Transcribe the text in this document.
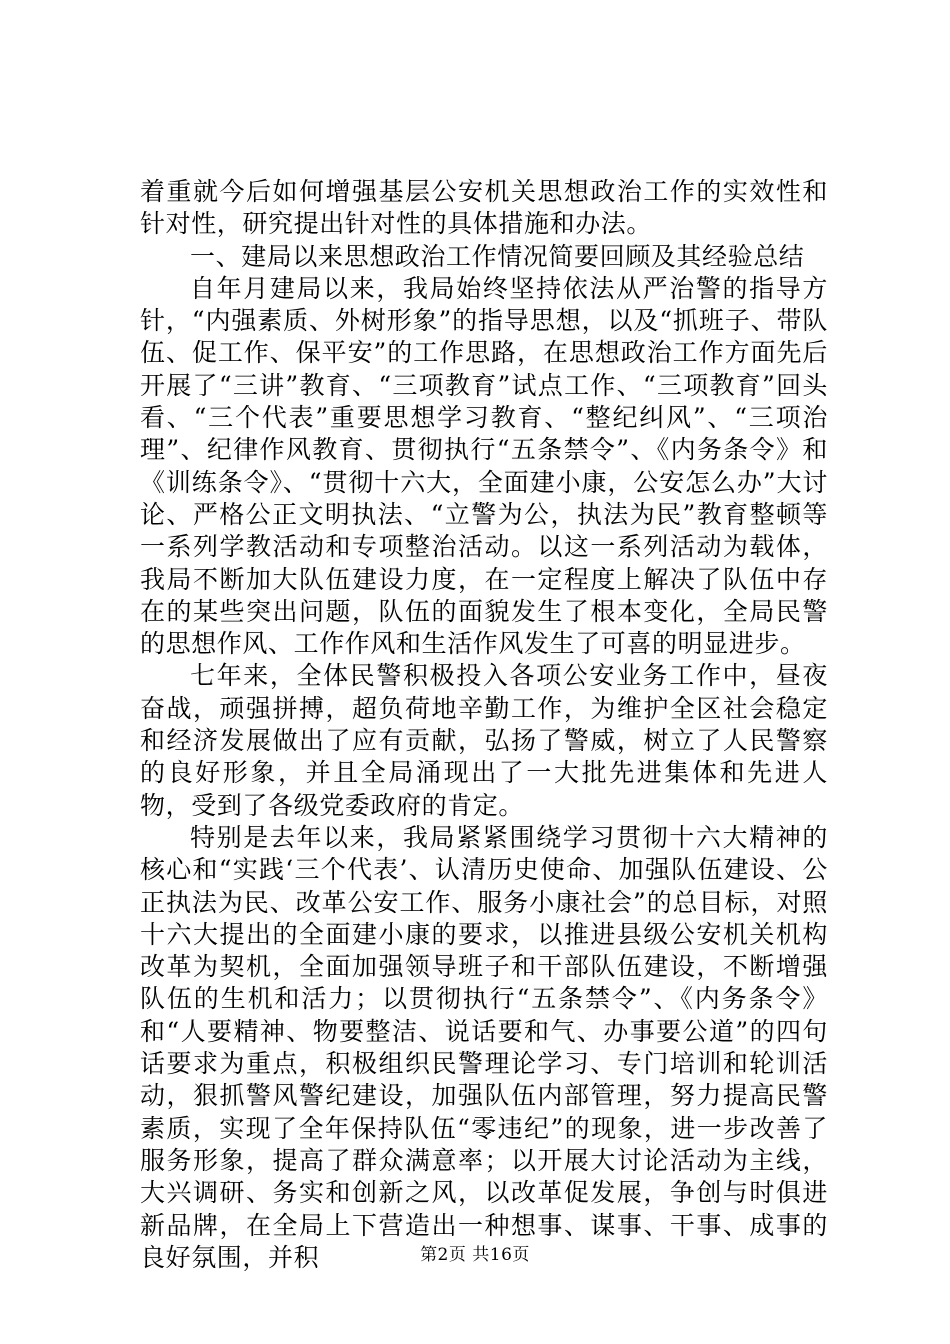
着重就今后如何增强基层公安机关思想政治工作的实效性和针对性，研究提出针对性的具体措施和办法。

一、建局以来思想政治工作情况简要回顾及其经验总结

自年月建局以来，我局始终坚持依法从严治警的指导方针，“内强素质、外树形象”的指导思想，以及“抓班子、带队伍、促工作、保平安”的工作思路，在思想政治工作方面先后开展了“三讲”教育、“三项教育”试点工作、“三项教育”回头看、“三个代表”重要思想学习教育、“整纪纠风”、“三项治理”、纪律作风教育、贯彻执行“五条禁令”、《内务条令》和《训练条令》、“贯彻十六大，全面建小康，公安怎么办”大讨论、严格公正文明执法、“立警为公，执法为民”教育整顿等一系列学教活动和专项整治活动。以这一系列活动为载体，我局不断加大队伍建设力度，在一定程度上解决了队伍中存在的某些突出问题，队伍的面貌发生了根本变化，全局民警的思想作风、工作作风和生活作风发生了可喜的明显进步。

七年来，全体民警积极投入各项公安业务工作中，昼夜奋战，顽强拼搏，超负荷地辛勤工作，为维护全区社会稳定和经济发展做出了应有贡献，弘扬了警威，树立了人民警察的良好形象，并且全局涌现出了一大批先进集体和先进人物，受到了各级党委政府的肯定。

特别是去年以来，我局紧紧围绕学习贯彻十六大精神的核心和“实践‘三个代表’、认清历史使命、加强队伍建设、公正执法为民、改革公安工作、服务小康社会”的总目标，对照十六大提出的全面建小康的要求，以推进县级公安机关机构改革为契机，全面加强领导班子和干部队伍建设，不断增强队伍的生机和活力；以贯彻执行“五条禁令”、《内务条令》和“人要精神、物要整洁、说话要和气、办事要公道”的四句话要求为重点，积极组织民警理论学习、专门培训和轮训活动，狠抓警风警纪建设，加强队伍内部管理，努力提高民警素质，实现了全年保持队伍“零违纪”的现象，进一步改善了服务形象，提高了群众满意率；以开展大讨论活动为主线，大兴调研、务实和创新之风，以改革促发展，争创与时俱进新品牌，在全局上下营造出一种想事、谋事、干事、成事的良好氛围，并积	第2页 共16页
